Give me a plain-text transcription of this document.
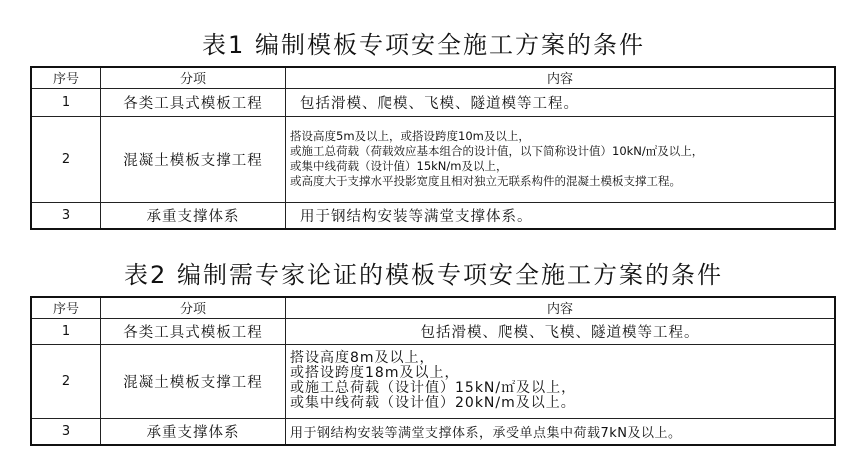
表1 编制模板专项安全施工方案的条件
序号	分项	内容
1	各类工具式模板工程	包括滑模、爬模、飞模、隧道模等工程。
2	混凝土模板支撑工程	搭设高度5m及以上，或搭设跨度10m及以上，
或施工总荷载（荷载效应基本组合的设计值，以下简称设计值）10kN/㎡及以上，
或集中线荷载（设计值）15kN/m及以上，
或高度大于支撑水平投影宽度且相对独立无联系构件的混凝土模板支撑工程。

3	承重支撑体系	用于钢结构安装等满堂支撑体系。
表2 编制需专家论证的模板专项安全施工方案的条件
序号	分项	内容
1	各类工具式模板工程	包括滑模、爬模、飞模、隧道模等工程。
2	混凝土模板支撑工程	搭设高度8m及以上，
或搭设跨度18m及以上，
或施工总荷载（设计值）15kN/㎡及以上，
或集中线荷载（设计值）20kN/m及以上。

3	承重支撑体系	用于钢结构安装等满堂支撑体系，承受单点集中荷载7kN及以上。
